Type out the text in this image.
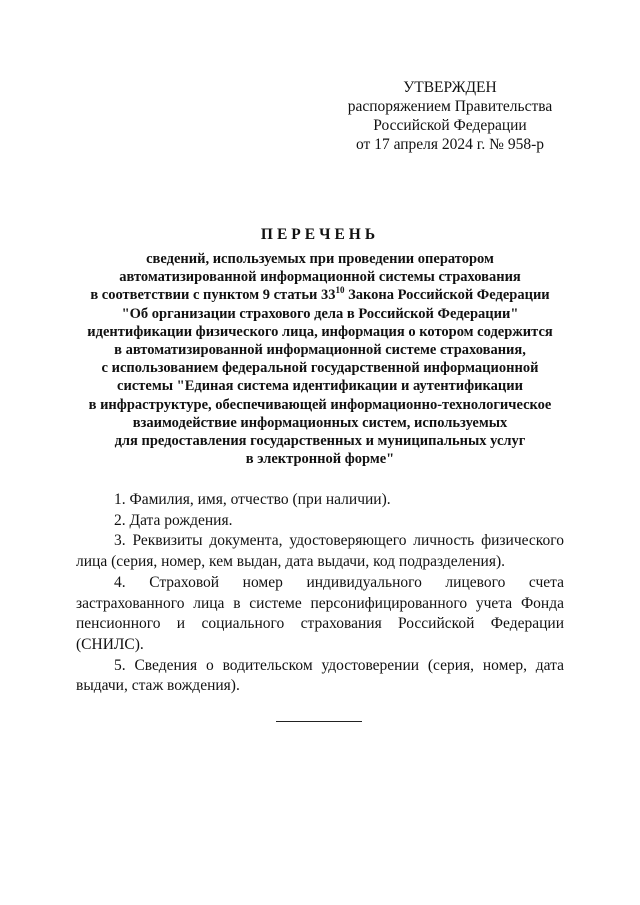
УТВЕРЖДЕН
распоряжением Правительства
Российской Федерации
от 17 апреля 2024 г. № 958-р
ПЕРЕЧЕНЬ
сведений, используемых при проведении оператором
автоматизированной информационной системы страхования
в соответствии с пунктом 9 статьи $33^{10}$ Закона Российской Федерации
"Об организации страхового дела в Российской Федерации"
идентификации физического лица, информация о котором содержится
в автоматизированной информационной системе страхования,
с использованием федеральной государственной информационной
системы "Единая система идентификации и аутентификации
в инфраструктуре, обеспечивающей информационно-технологическое
взаимодействие информационных систем, используемых
для предоставления государственных и муниципальных услуг
в электронной форме"

1. Фамилия, имя, отчество (при наличии).

2. Дата рождения.

3. Реквизиты документа, удостоверяющего личность физического лица (серия, номер, кем выдан, дата выдачи, код подразделения).

4. Страховой номер индивидуального лицевого счета застрахованного лица в системе персонифицированного учета Фонда пенсионного и социального страхования Российской Федерации (СНИЛС).

5. Сведения о водительском удостоверении (серия, номер, дата выдачи, стаж вождения).
